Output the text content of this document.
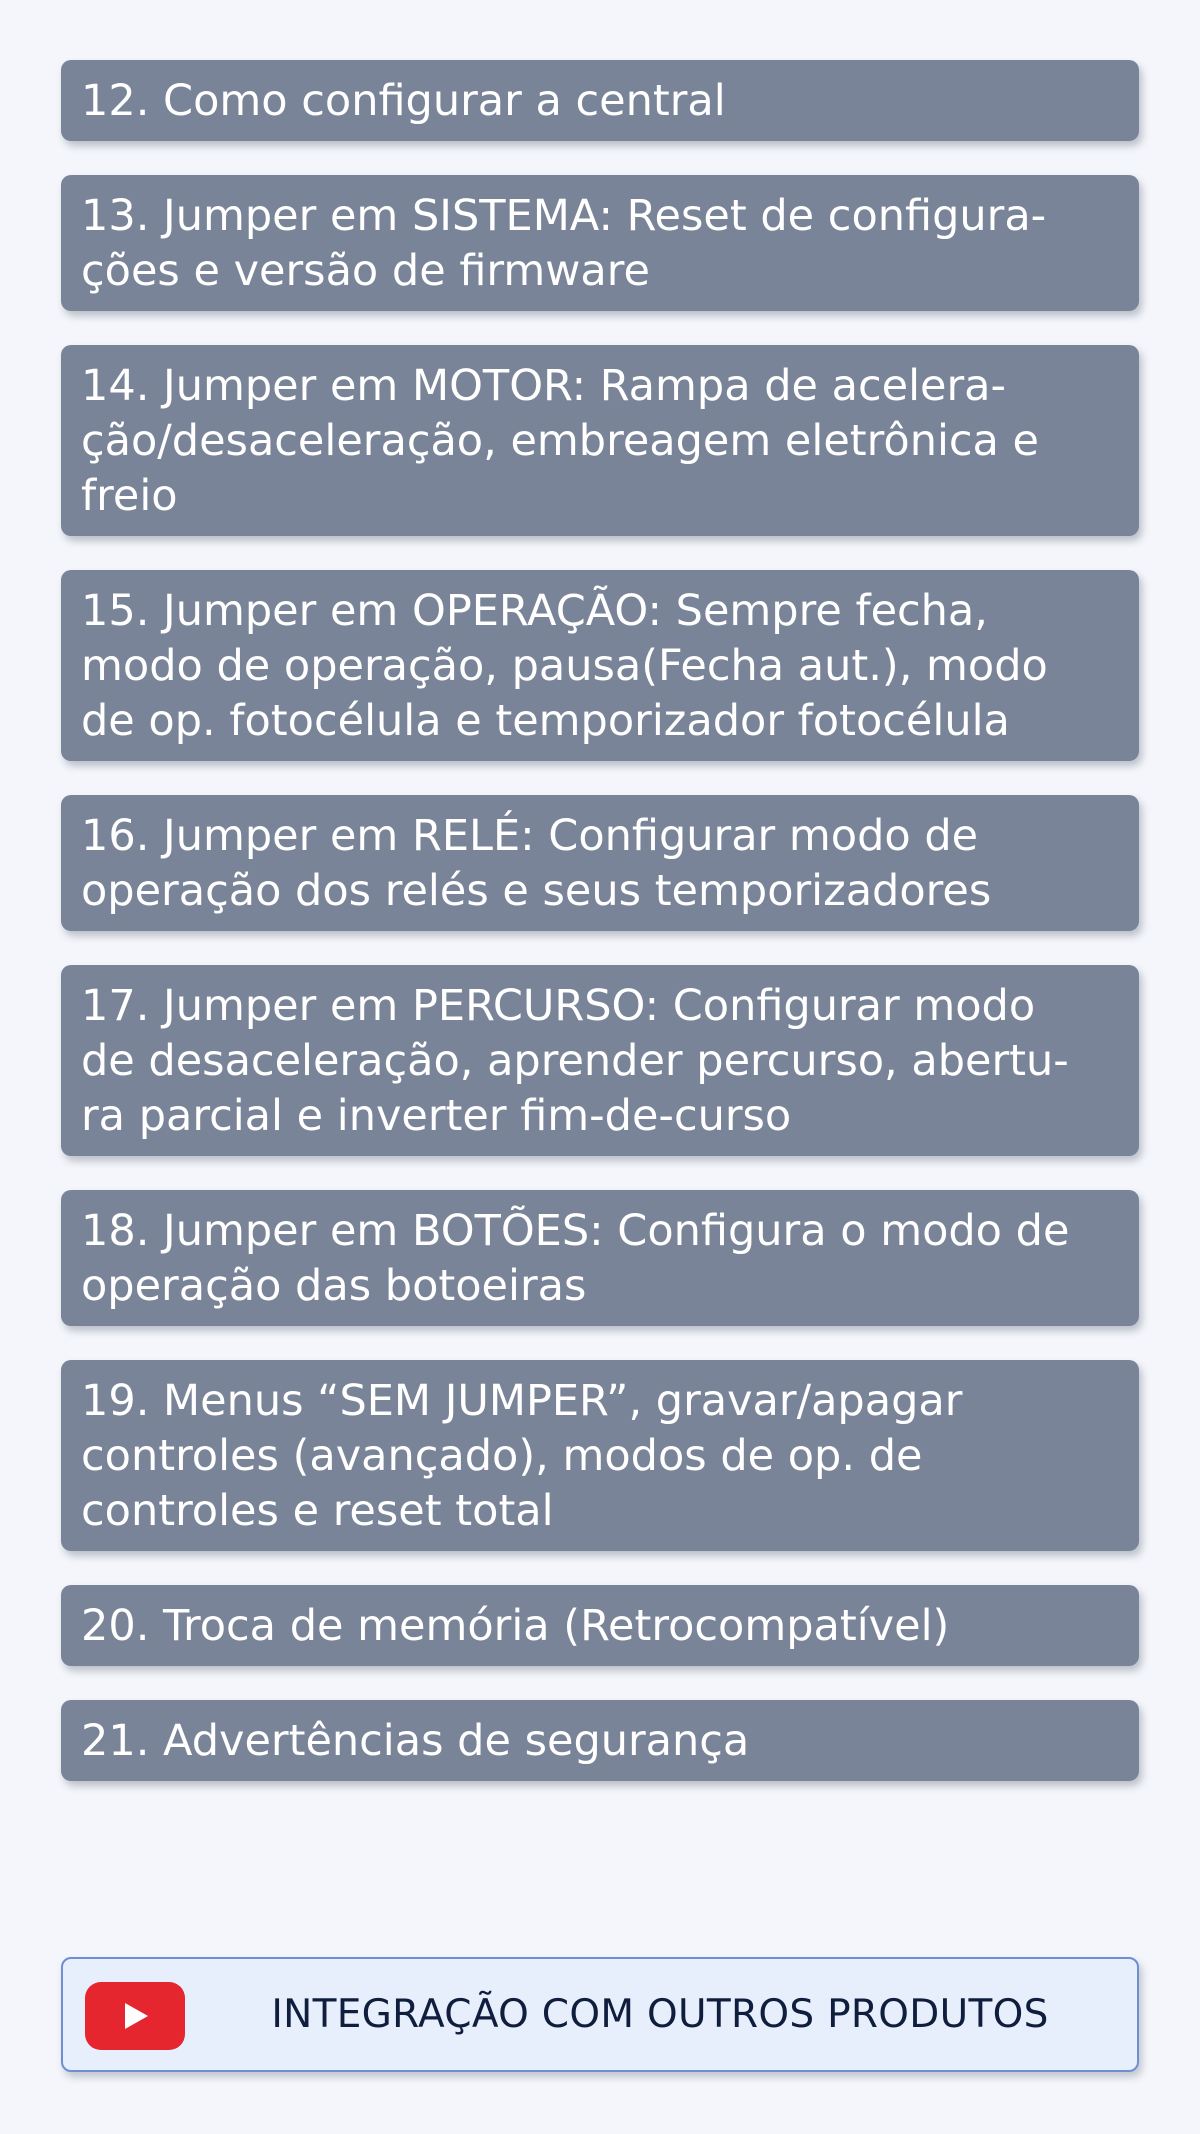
12. Como configurar a central
13. Jumper em SISTEMA: Reset de configura-
ções e versão de firmware
14. Jumper em MOTOR: Rampa de acelera-
ção/desaceleração, embreagem eletrônica e
freio
15. Jumper em OPERAÇÃO: Sempre fecha,
modo de operação, pausa(Fecha aut.), modo
de op. fotocélula e temporizador fotocélula
16. Jumper em RELÉ: Configurar modo de
operação dos relés e seus temporizadores
17. Jumper em PERCURSO: Configurar modo
de desaceleração, aprender percurso, abertu-
ra parcial e inverter fim-de-curso
18. Jumper em BOTÕES: Configura o modo de
operação das botoeiras
19. Menus “SEM JUMPER”, gravar/apagar
controles (avançado), modos de op. de
controles e reset total
20. Troca de memória (Retrocompatível)
21. Advertências de segurança
INTEGRAÇÃO COM OUTROS PRODUTOS
